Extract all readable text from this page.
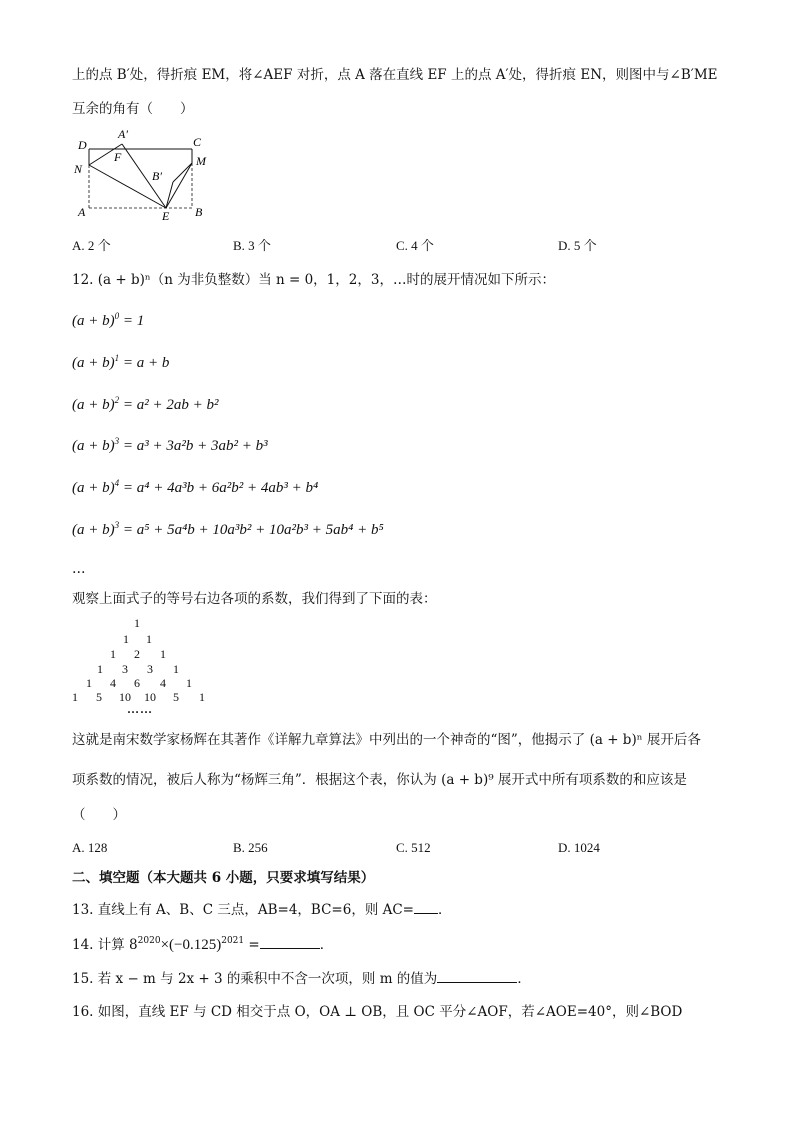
上的点 B′处，得折痕 EM，将∠AEF 对折，点 A 落在直线 EF 上的点 A′处，得折痕 EN，则图中与∠B′ME
互余的角有（　　）
D
A′
C
F	M
N	B′
A	E B
A. 2 个	B. 3 个	C. 4 个	D. 5 个
12. (a + b)ⁿ（n 为非负整数）当 n = 0，1，2，3，…时的展开情况如下所示：
$(a + b)^0 = 1$
$(a + b)^1 = a + b$
$(a + b)^2 = a^2 + 2ab + b^2$
$(a + b)^3 = a^3 + 3a^2b + 3ab^2 + b^3$
$(a + b)^4 = a^4 + 4a^3b + 6a^2b^2 + 4ab^3 + b^4$
$(a + b)^3 = a^5 + 5a^4b + 10a^3b^2 + 10a^2b^3 + 5ab^4 + b^5$
…
观察上面式子的等号右边各项的系数，我们得到了下面的表：
1
1 1
1 2 1
1 3 3 1
1 4 6 4 1
1 5 10 10 5 1
……
这就是南宋数学家杨辉在其著作《详解九章算法》中列出的一个神奇的“图”，他揭示了 (a + b)ⁿ 展开后各
项系数的情况，被后人称为“杨辉三角”．根据这个表，你认为 (a + b)⁹ 展开式中所有项系数的和应该是
（　　）
A. 128	B. 256	C. 512	D. 1024
二、填空题（本大题共 6 小题，只要求填写结果）
13. 直线上有 A、B、C 三点，AB=4，BC=6，则 AC= ．
14. 计算 $8^{2020}\times(-0.125)^{2021}$ =	．
15. 若 x − m 与 2x + 3 的乘积中不含一次项，则 m 的值为	．
16. 如图，直线 EF 与 CD 相交于点 O，OA ⊥ OB，且 OC 平分∠AOF，若∠AOE=40°，则∠BOD
